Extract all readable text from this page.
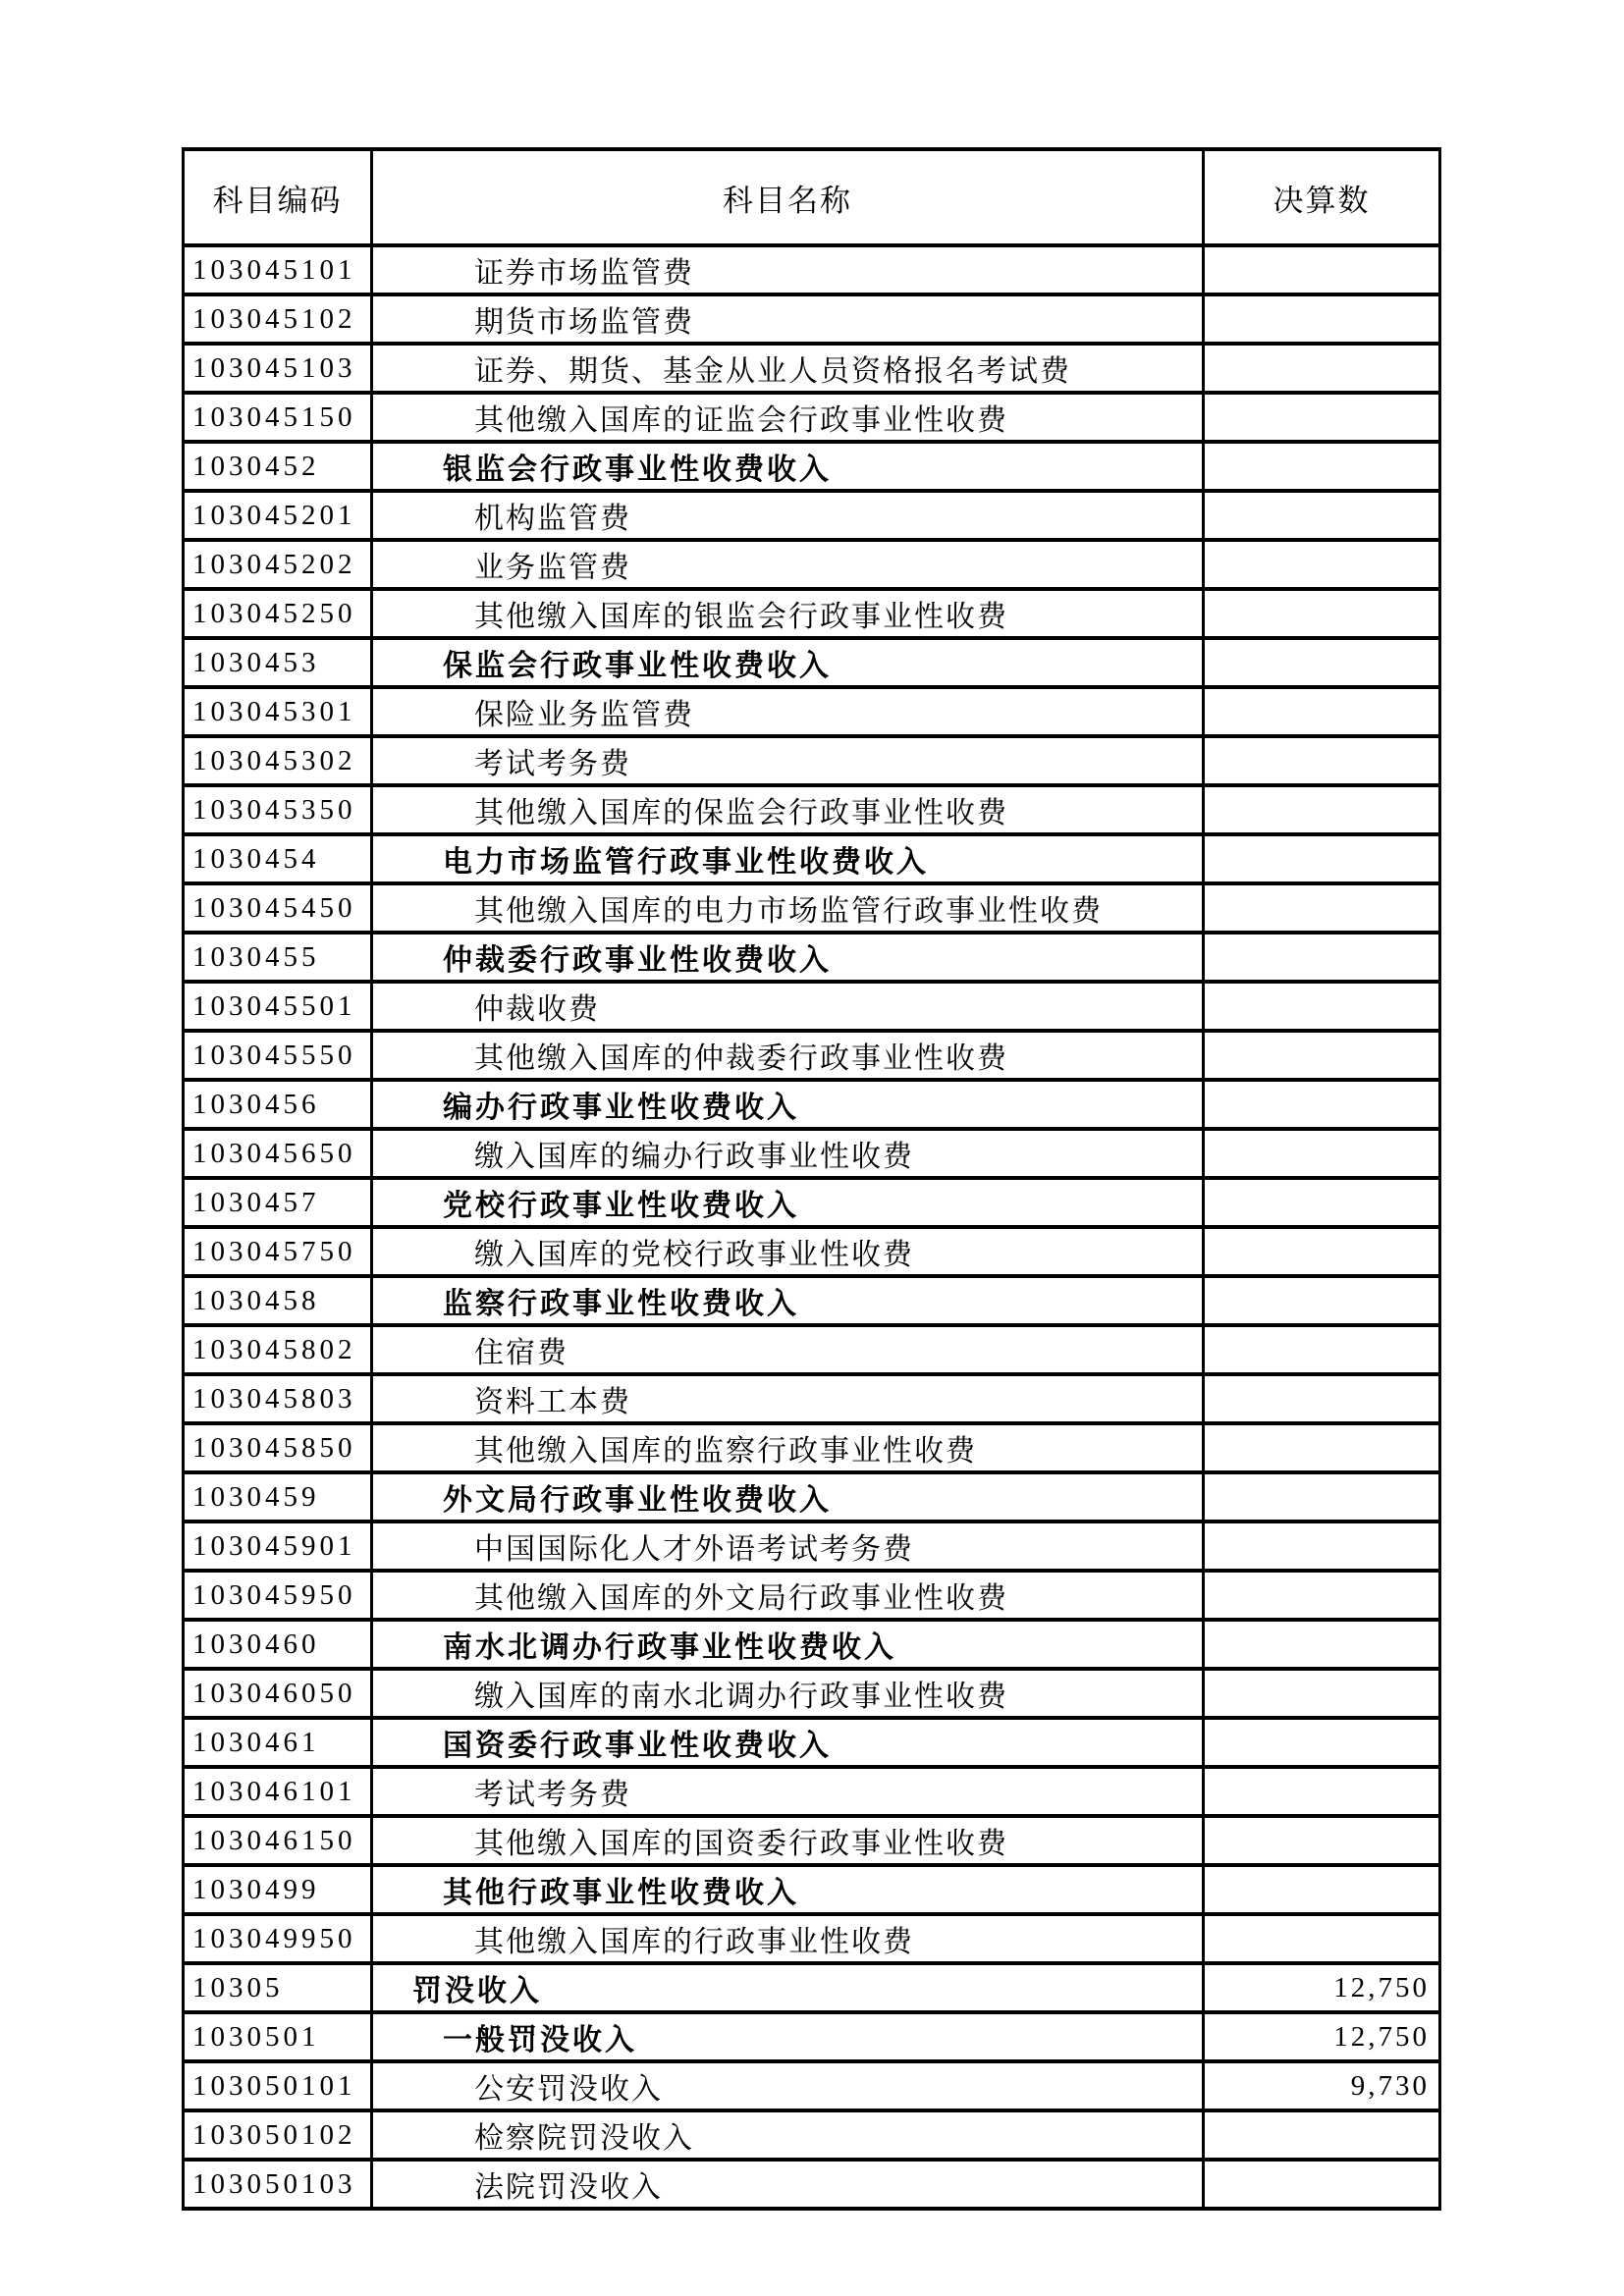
科目编码	科目名称	决算数
103045101	证券市场监管费	
103045102	期货市场监管费	
103045103	证券、期货、基金从业人员资格报名考试费	
103045150	其他缴入国库的证监会行政事业性收费	
1030452	银监会行政事业性收费收入	
103045201	机构监管费	
103045202	业务监管费	
103045250	其他缴入国库的银监会行政事业性收费	
1030453	保监会行政事业性收费收入	
103045301	保险业务监管费	
103045302	考试考务费	
103045350	其他缴入国库的保监会行政事业性收费	
1030454	电力市场监管行政事业性收费收入	
103045450	其他缴入国库的电力市场监管行政事业性收费	
1030455	仲裁委行政事业性收费收入	
103045501	仲裁收费	
103045550	其他缴入国库的仲裁委行政事业性收费	
1030456	编办行政事业性收费收入	
103045650	缴入国库的编办行政事业性收费	
1030457	党校行政事业性收费收入	
103045750	缴入国库的党校行政事业性收费	
1030458	监察行政事业性收费收入	
103045802	住宿费	
103045803	资料工本费	
103045850	其他缴入国库的监察行政事业性收费	
1030459	外文局行政事业性收费收入	
103045901	中国国际化人才外语考试考务费	
103045950	其他缴入国库的外文局行政事业性收费	
1030460	南水北调办行政事业性收费收入	
103046050	缴入国库的南水北调办行政事业性收费	
1030461	国资委行政事业性收费收入	
103046101	考试考务费	
103046150	其他缴入国库的国资委行政事业性收费	
1030499	其他行政事业性收费收入	
103049950	其他缴入国库的行政事业性收费	
10305	罚没收入	12,750
1030501	一般罚没收入	12,750
103050101	公安罚没收入	9,730
103050102	检察院罚没收入	
103050103	法院罚没收入	
